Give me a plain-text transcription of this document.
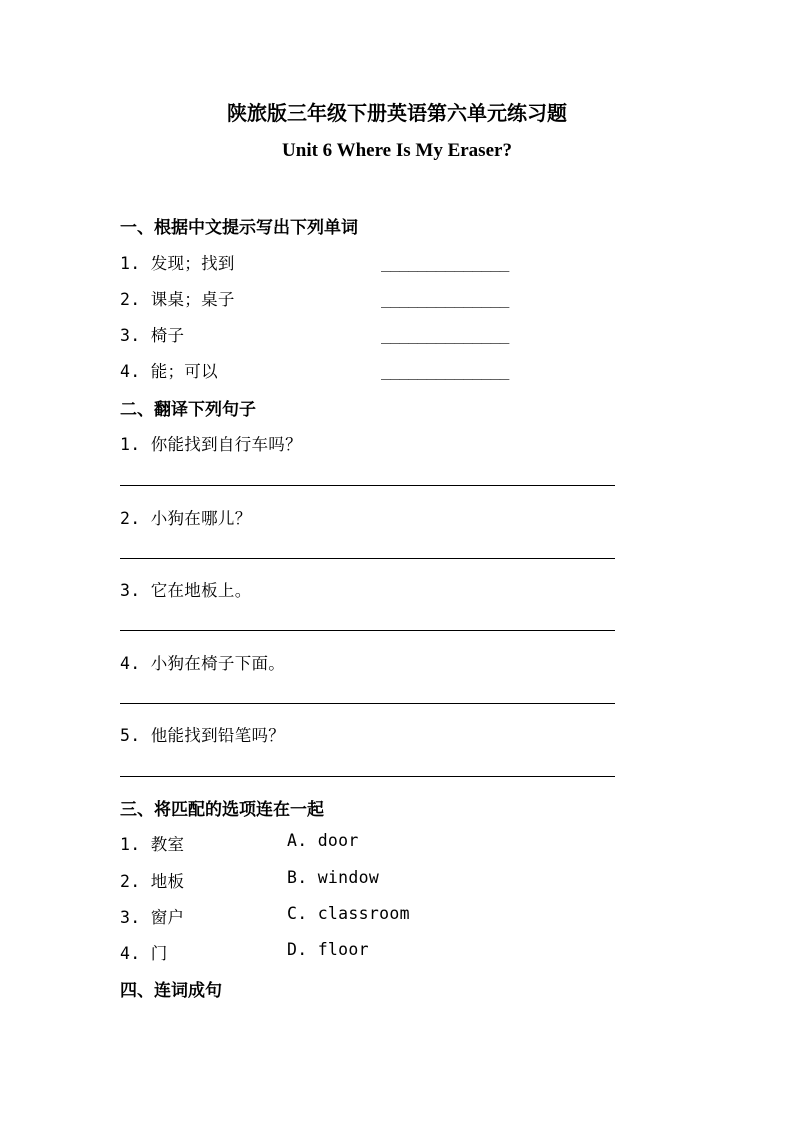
陕旅版三年级下册英语第六单元练习题
Unit 6 Where Is My Eraser?
一、根据中文提示写出下列单词
1. 发现；找到	______________
2. 课桌；桌子	______________
3. 椅子	______________
4. 能；可以	______________
二、翻译下列句子
1. 你能找到自行车吗？
2. 小狗在哪儿？
3. 它在地板上。
4. 小狗在椅子下面。
5. 他能找到铅笔吗？
三、将匹配的选项连在一起
1. 教室	A. door
2. 地板	B. window
3. 窗户	C. classroom
4. 门	D. floor
四、连词成句
